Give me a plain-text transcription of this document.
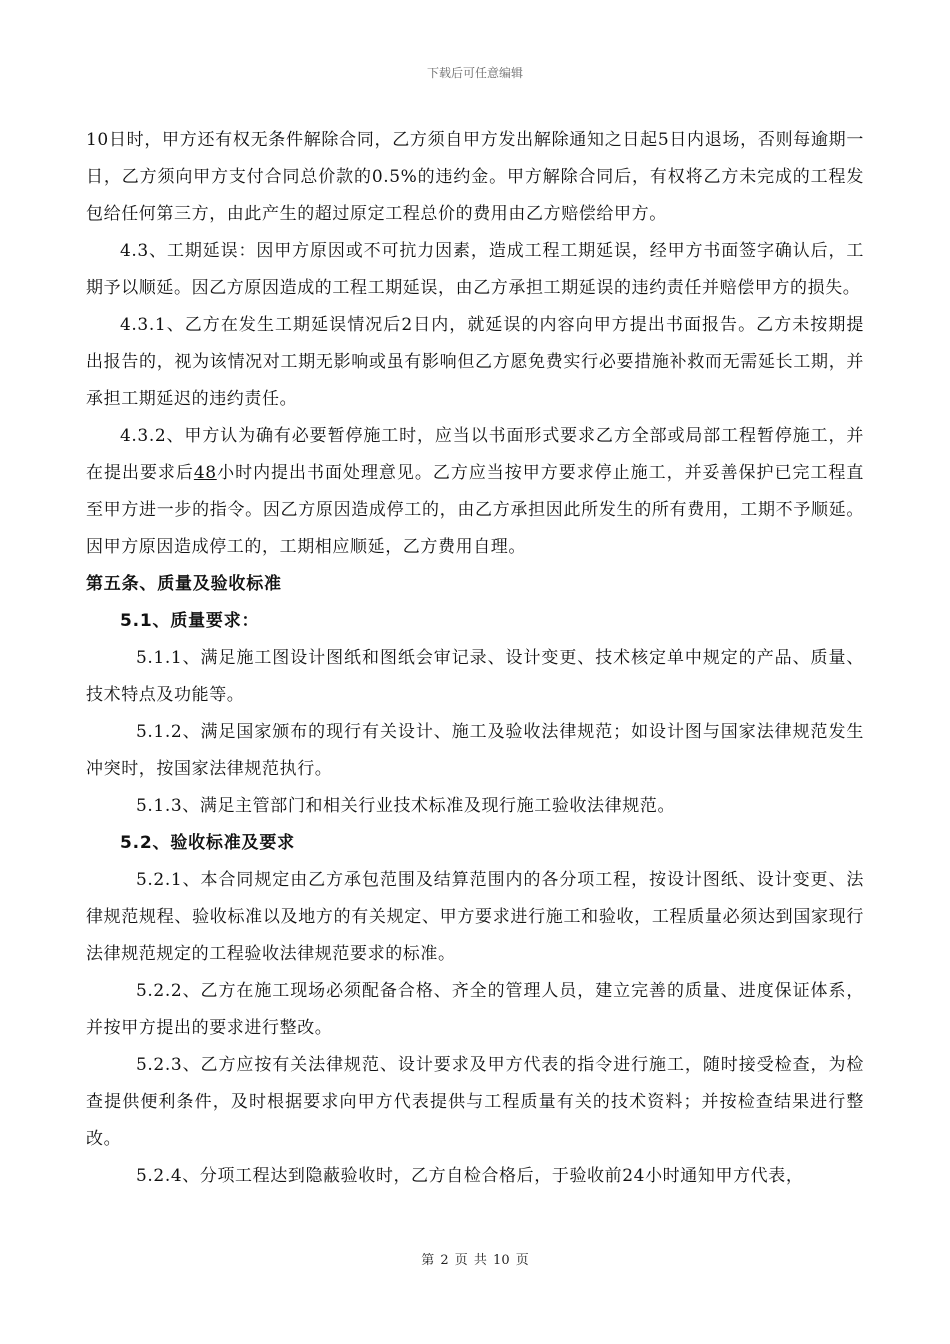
下载后可任意编辑

10日时，甲方还有权无条件解除合同，乙方须自甲方发出解除通知之日起5日内退场，否则每逾期一日，乙方须向甲方支付合同总价款的0.5%的违约金。甲方解除合同后，有权将乙方未完成的工程发包给任何第三方，由此产生的超过原定工程总价的费用由乙方赔偿给甲方。

4.3、工期延误：因甲方原因或不可抗力因素，造成工程工期延误，经甲方书面签字确认后，工期予以顺延。因乙方原因造成的工程工期延误，由乙方承担工期延误的违约责任并赔偿甲方的损失。

4.3.1、乙方在发生工期延误情况后2日内，就延误的内容向甲方提出书面报告。乙方未按期提出报告的，视为该情况对工期无影响或虽有影响但乙方愿免费实行必要措施补救而无需延长工期，并承担工期延迟的违约责任。

4.3.2、甲方认为确有必要暂停施工时，应当以书面形式要求乙方全部或局部工程暂停施工，并在提出要求后48小时内提出书面处理意见。乙方应当按甲方要求停止施工，并妥善保护已完工程直至甲方进一步的指令。因乙方原因造成停工的，由乙方承担因此所发生的所有费用，工期不予顺延。因甲方原因造成停工的，工期相应顺延，乙方费用自理。

第五条、质量及验收标准

5.1、质量要求：

5.1.1、满足施工图设计图纸和图纸会审记录、设计变更、技术核定单中规定的产品、质量、技术特点及功能等。

5.1.2、满足国家颁布的现行有关设计、施工及验收法律规范；如设计图与国家法律规范发生冲突时，按国家法律规范执行。

5.1.3、满足主管部门和相关行业技术标准及现行施工验收法律规范。

5.2、验收标准及要求

5.2.1、本合同规定由乙方承包范围及结算范围内的各分项工程，按设计图纸、设计变更、法律规范规程、验收标准以及地方的有关规定、甲方要求进行施工和验收，工程质量必须达到国家现行法律规范规定的工程验收法律规范要求的标准。

5.2.2、乙方在施工现场必须配备合格、齐全的管理人员，建立完善的质量、进度保证体系，并按甲方提出的要求进行整改。

5.2.3、乙方应按有关法律规范、设计要求及甲方代表的指令进行施工，随时接受检查，为检查提供便利条件，及时根据要求向甲方代表提供与工程质量有关的技术资料；并按检查结果进行整改。

5.2.4、分项工程达到隐蔽验收时，乙方自检合格后，于验收前24小时通知甲方代表，

第 2 页 共 10 页
